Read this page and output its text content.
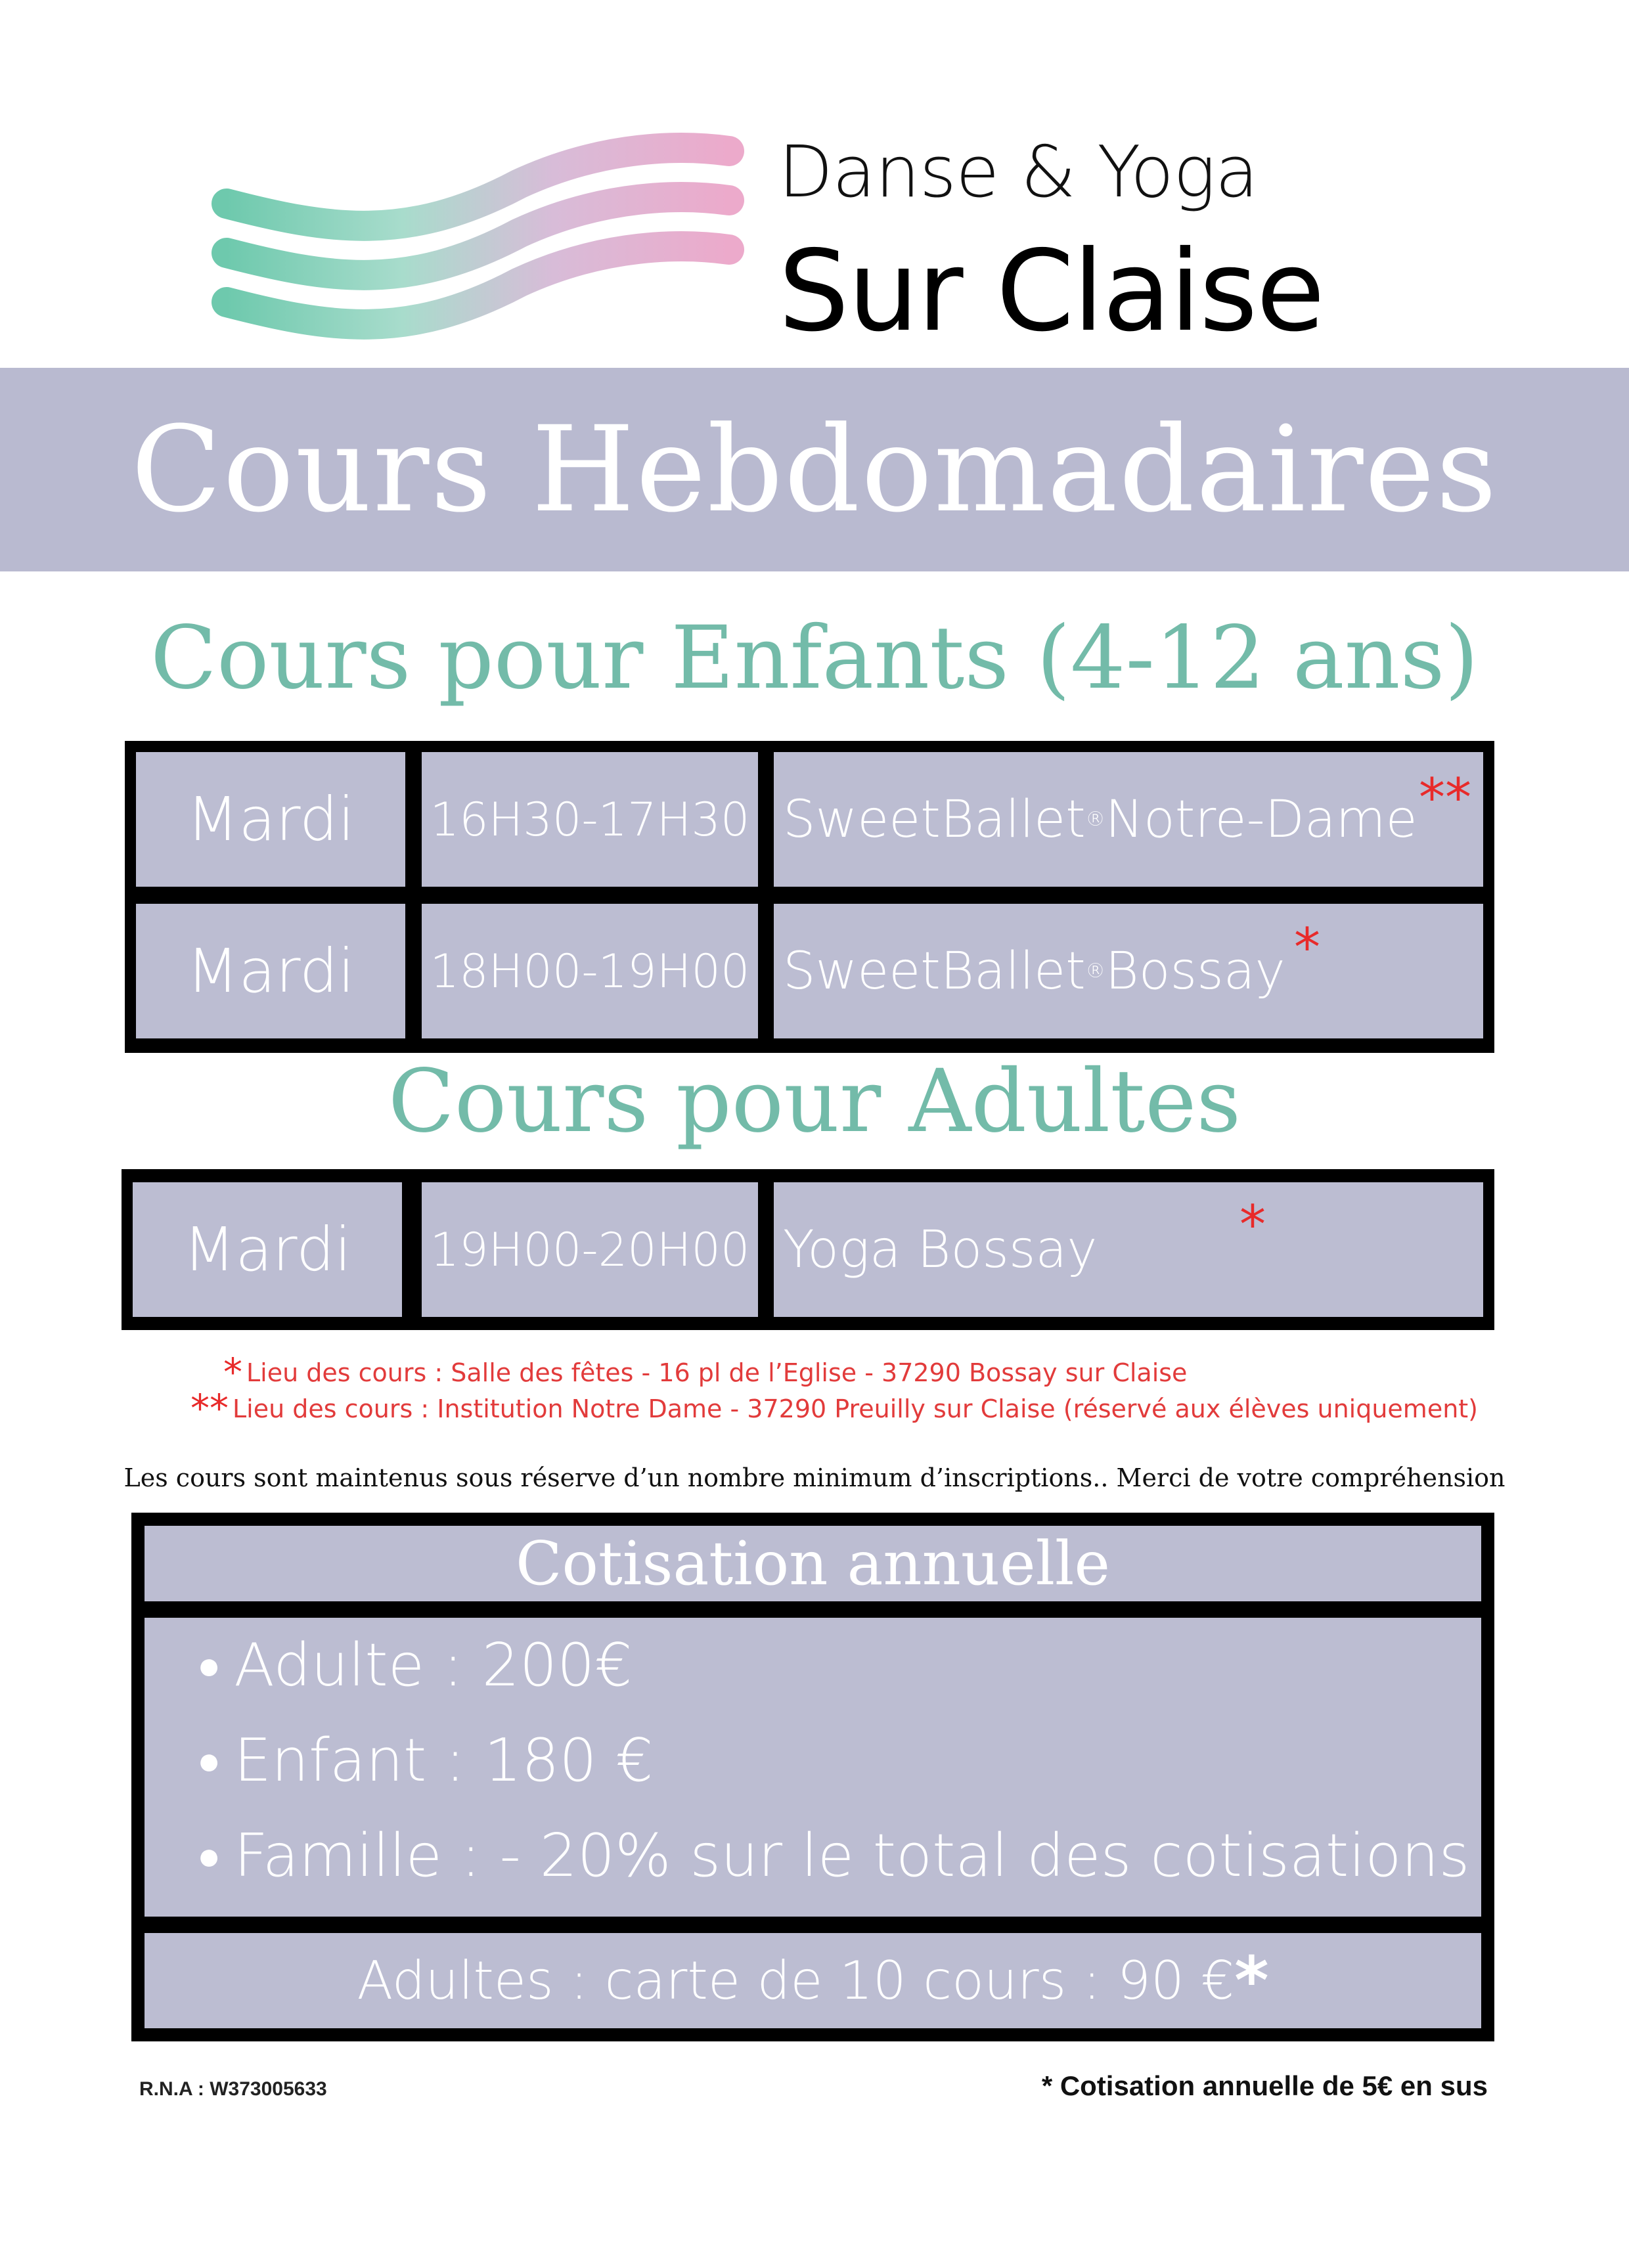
Danse & Yoga
Sur Claise
Cours Hebdomadaires
Cours pour Enfants (4-12 ans)
Mardi	16H30-17H30 SweetBallet ® Notre-Dame **
Mardi	18H00-19H00 SweetBallet ® Bossay *
Cours pour Adultes
Mardi	19H00-20H00 Yoga Bossay	*
* Lieu des cours : Salle des fêtes - 16 pl de l’Eglise - 37290 Bossay sur Claise
** Lieu des cours : Institution Notre Dame - 37290 Preuilly sur Claise (réservé aux élèves uniquement)
Les cours sont maintenus sous réserve d’un nombre minimum d’inscriptions.. Merci de votre compréhension
Cotisation annuelle
● Adulte : 200€
● Enfant : 180 €
● Famille : - 20% sur le total des cotisations
Adultes : carte de 10 cours : 90 € *
R.N.A : W373005633	* Cotisation annuelle de 5€ en sus
